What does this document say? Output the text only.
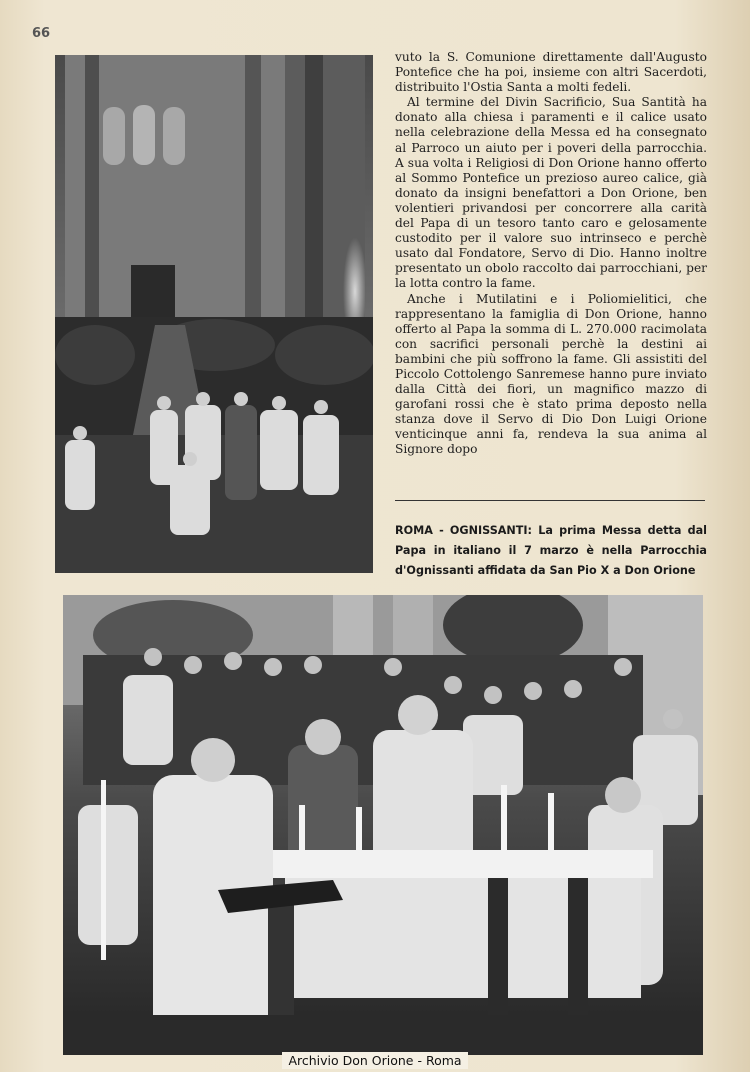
66

vuto la S. Comunione direttamente dall'Augusto Pontefice che ha poi, insieme con altri Sacerdoti, distribuito l'Ostia Santa a molti fedeli.

Al termine del Divin Sacrificio, Sua Santità ha donato alla chiesa i paramenti e il calice usato nella celebrazione della Messa ed ha consegnato al Parroco un aiuto per i poveri della parrocchia. A sua volta i Religiosi di Don Orione hanno offerto al Sommo Pontefice un prezioso aureo calice, già donato da insigni benefattori a Don Orione, ben volentieri privandosi per concorrere alla carità del Papa di un tesoro tanto caro e gelosamente custodito per il valore suo intrinseco e perchè usato dal Fondatore, Servo di Dio. Hanno inoltre presentato un obolo raccolto dai parrocchiani, per la lotta contro la fame.

Anche i Mutilatini e i Poliomielitici, che rappresentano la famiglia di Don Orione, hanno offerto al Papa la somma di L. 270.000 racimolata con sacrifici personali perchè la destini ai bambini che più soffrono la fame. Gli assistiti del Piccolo Cottolengo Sanremese hanno pure inviato dalla Città dei fiori, un magnifico mazzo di garofani rossi che è stato prima deposto nella stanza dove il Servo di Dio Don Luigi Orione venticinque anni fa, rendeva la sua anima al Signore dopo

ROMA - OGNISSANTI: La prima Messa detta dal Papa in italiano il 7 marzo è nella Parrocchia d'Ognissanti affidata da San Pio X a Don Orione
Archivio Don Orione - Roma
